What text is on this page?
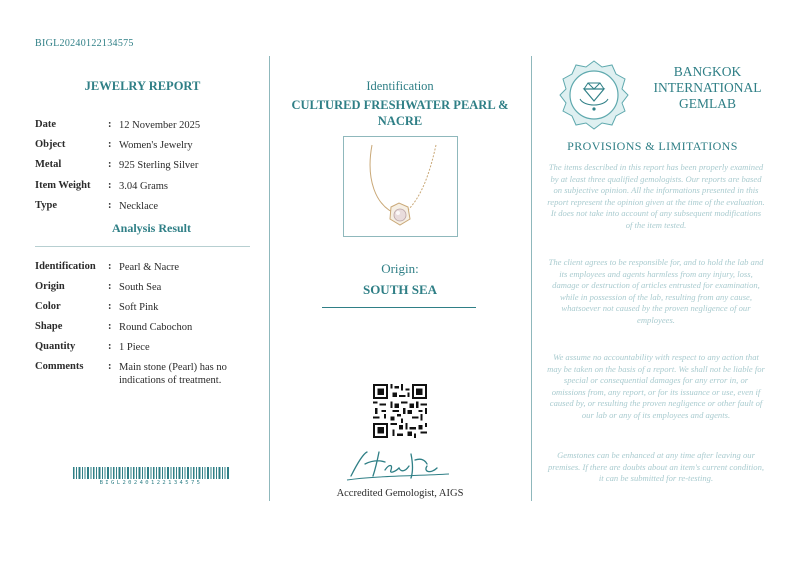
BIGL20240122134575
JEWELRY REPORT
Date	: 12 November 2025
Object	: Women's Jewelry
Metal	: 925 Sterling Silver
Item Weight : 3.04 Grams
Type	: Necklace
Analysis Result
Identification : Pearl & Nacre
Origin	: South Sea
Color	: Soft Pink
Shape	: Round Cabochon
Quantity	: 1 Piece
Comments : Main stone (Pearl) has no indications of treatment.
BIGL20240122134575
Identification
CULTURED FRESHWATER PEARL & NACRE
Origin:
SOUTH SEA
Accredited Gemologist, AIGS
BANGKOK
INTERNATIONAL
GEMLAB
PROVISIONS & LIMITATIONS
The items described in this report has been properly examined by at least three qualified gemologists. Our reports are based on subjective opinion. All the informations presented in this report represent the opinion given at the time of the evaluation. It does not take into account of any subsequent modifications of the item tested.
The client agrees to be responsible for, and to hold the lab and its employees and agents harmless from any injury, loss, damage or destruction of articles entrusted for examination, while in possession of the lab, resulting from any cause, whatsoever not caused by the proven negligence of our employees.
We assume no accountability with respect to any action that may be taken on the basis of a report. We shall not be liable for special or consequential damages for any error in, or omissions from, any report, or for its issuance or use, even if caused by, or resulting the proven negligence or other fault of our lab or any of its employees and agents.
Gemstones can be enhanced at any time after leaving our premises. If there are doubts about an item's current condition, it can be submitted for re-testing.
